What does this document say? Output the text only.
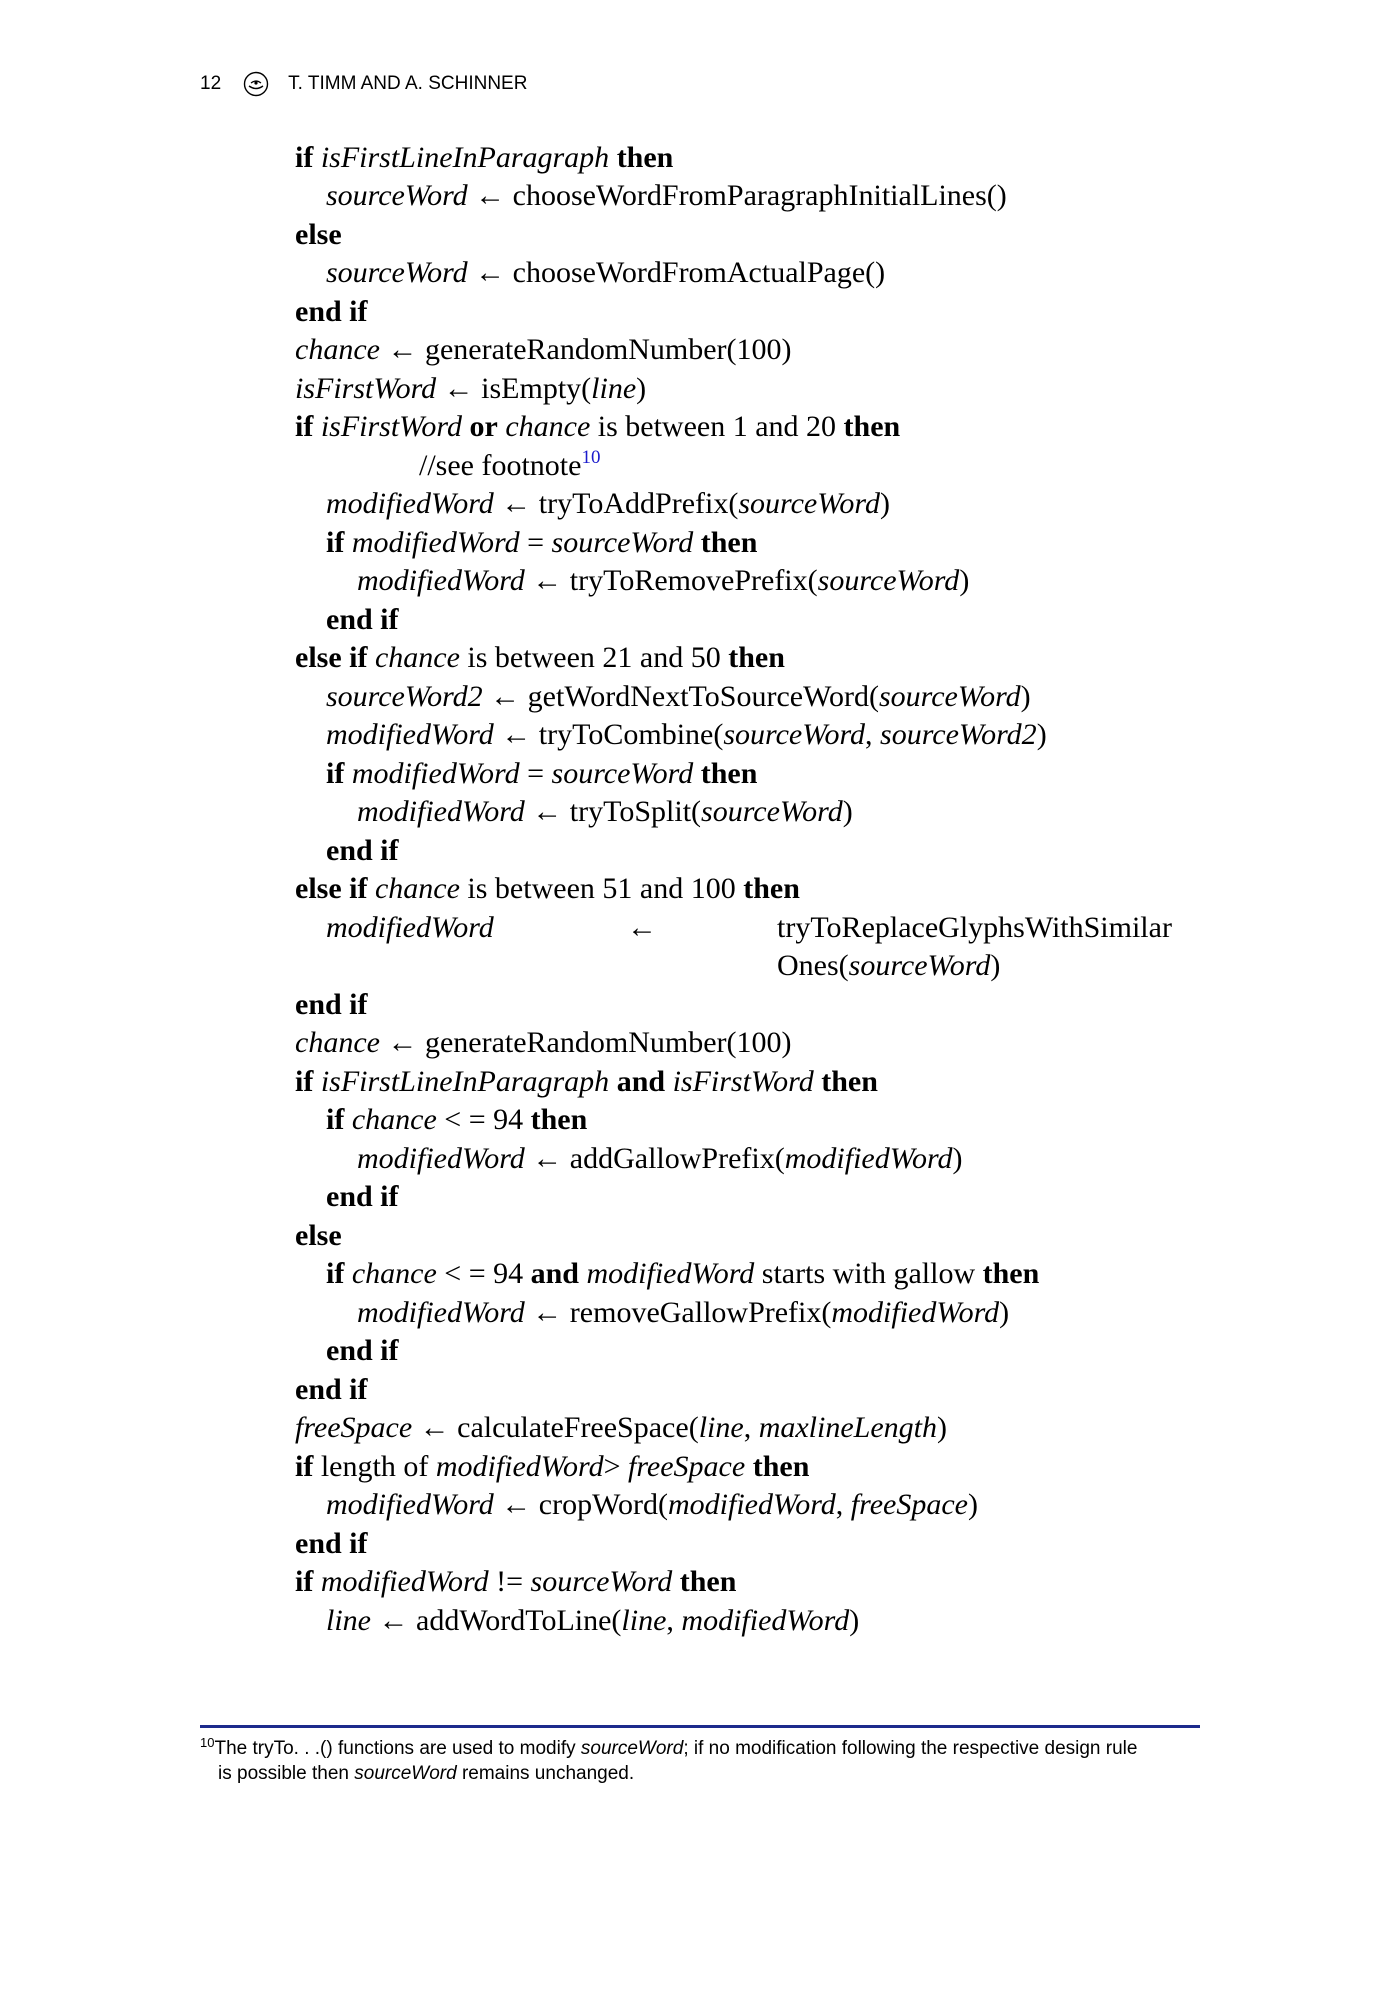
12	T. TIMM AND A. SCHINNER
if isFirstLineInParagraph then
sourceWord ← chooseWordFromParagraphInitialLines()
else
sourceWord ← chooseWordFromActualPage()
end if
chance ← generateRandomNumber(100)
isFirstWord ← isEmpty(line)
if isFirstWord or chance is between 1 and 20 then
//see footnote$^{10}$
modifiedWord ← tryToAddPrefix(sourceWord)
if modifiedWord = sourceWord then
modifiedWord ← tryToRemovePrefix(sourceWord)
end if
else if chance is between 21 and 50 then
sourceWord2 ← getWordNextToSourceWord(sourceWord)
modifiedWord ← tryToCombine(sourceWord, sourceWord2)
if modifiedWord = sourceWord then
modifiedWord ← tryToSplit(sourceWord)
end if
else if chance is between 51 and 100 then
modifiedWord	←	tryToReplaceGlyphsWithSimilar
Ones(sourceWord)
end if
chance ← generateRandomNumber(100)
if isFirstLineInParagraph and isFirstWord then
if chance < = 94 then
modifiedWord ← addGallowPrefix(modifiedWord)
end if
else
if chance < = 94 and modifiedWord starts with gallow then
modifiedWord ← removeGallowPrefix(modifiedWord)
end if
end if
freeSpace ← calculateFreeSpace(line, maxlineLength)
if length of modifiedWord> freeSpace then
modifiedWord ← cropWord(modifiedWord, freeSpace)
end if
if modifiedWord != sourceWord then
line ← addWordToLine(line, modifiedWord)
$^{10}$The tryTo. . .() functions are used to modify sourceWord; if no modification following the respective design rule
is possible then sourceWord remains unchanged.
